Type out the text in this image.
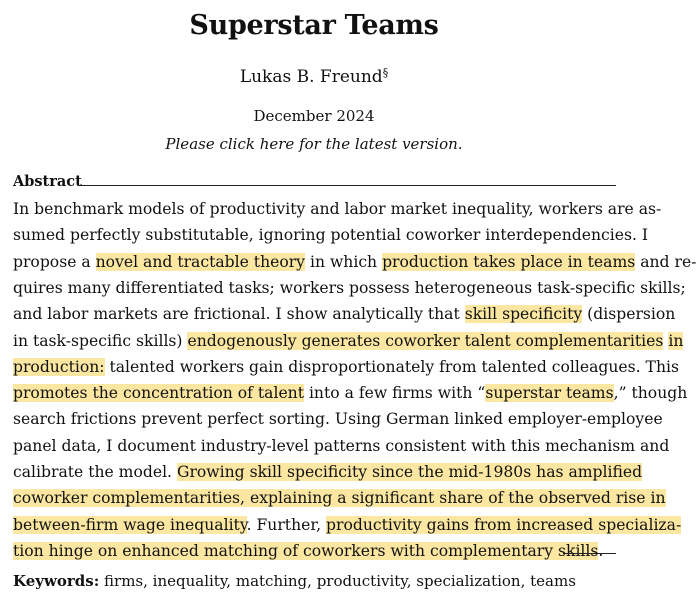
Superstar Teams
Lukas B. Freund§
December 2024
Please click here for the latest version.
Abstract
In benchmark models of productivity and labor market inequality, workers are as-
sumed perfectly substitutable, ignoring potential coworker interdependencies. I
propose a novel and tractable theory in which production takes place in teams and re-
quires many differentiated tasks; workers possess heterogeneous task-specific skills;
and labor markets are frictional. I show analytically that skill specificity (dispersion
in task-specific skills) endogenously generates coworker talent complementarities in
production: talented workers gain disproportionately from talented colleagues. This
promotes the concentration of talent into a few firms with “superstar teams,” though
search frictions prevent perfect sorting. Using German linked employer-employee
panel data, I document industry-level patterns consistent with this mechanism and
calibrate the model. Growing skill specificity since the mid-1980s has amplified
coworker complementarities, explaining a significant share of the observed rise in
between-firm wage inequality. Further, productivity gains from increased specializa-
tion hinge on enhanced matching of coworkers with complementary skills.
Keywords: firms, inequality, matching, productivity, specialization, teams
